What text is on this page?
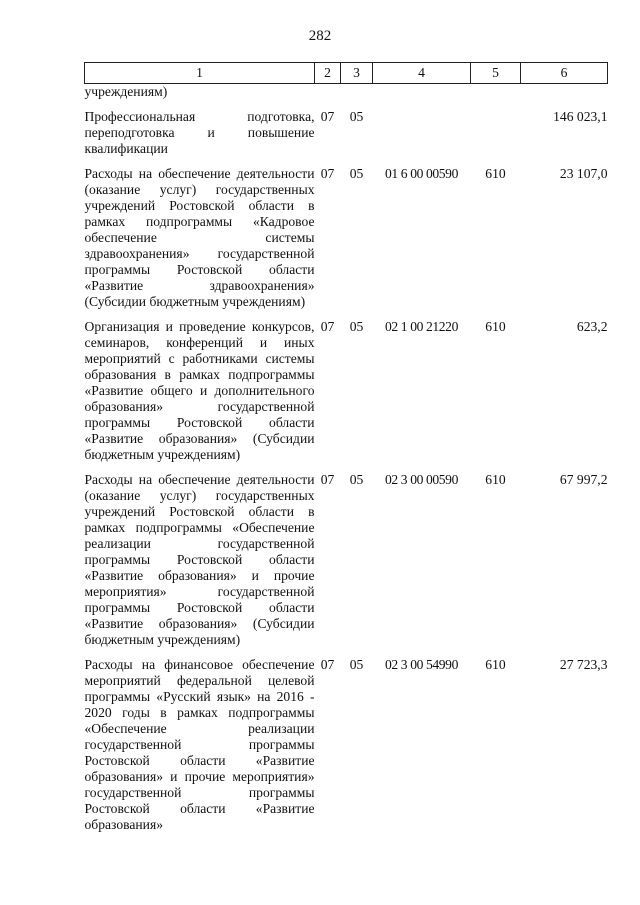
282
1	2	3	4	5	6
учреждениям)					
Профессиональная подготовка, переподготовка и повышение квалификации	07	05			146 023,1
Расходы на обеспечение деятельности (оказание услуг) государственных учреждений Ростовской области в рамках подпрограммы «Кадровое обеспечение системы здравоохранения» государственной программы Ростовской области «Развитие здравоохранения» (Субсидии бюджетным учреждениям)	07	05	01 6 00 00590	610	23 107,0
Организация и проведение конкурсов, семинаров, конференций и иных мероприятий с работниками системы образования в рамках подпрограммы «Развитие общего и дополнительного образования» государственной программы Ростовской области «Развитие образования» (Субсидии бюджетным учреждениям)	07	05	02 1 00 21220	610	623,2
Расходы на обеспечение деятельности (оказание услуг) государственных учреждений Ростовской области в рамках подпрограммы «Обеспечение реализации государственной программы Ростовской области «Развитие образования» и прочие мероприятия» государственной программы Ростовской области «Развитие образования» (Субсидии бюджетным учреждениям)	07	05	02 3 00 00590	610	67 997,2
Расходы на финансовое обеспечение мероприятий федеральной целевой программы «Русский язык» на 2016 - 2020 годы в рамках подпрограммы «Обеспечение реализации государственной программы Ростовской области «Развитие образования» и прочие мероприятия» государственной программы Ростовской области «Развитие образования»	07	05	02 3 00 54990	610	27 723,3
